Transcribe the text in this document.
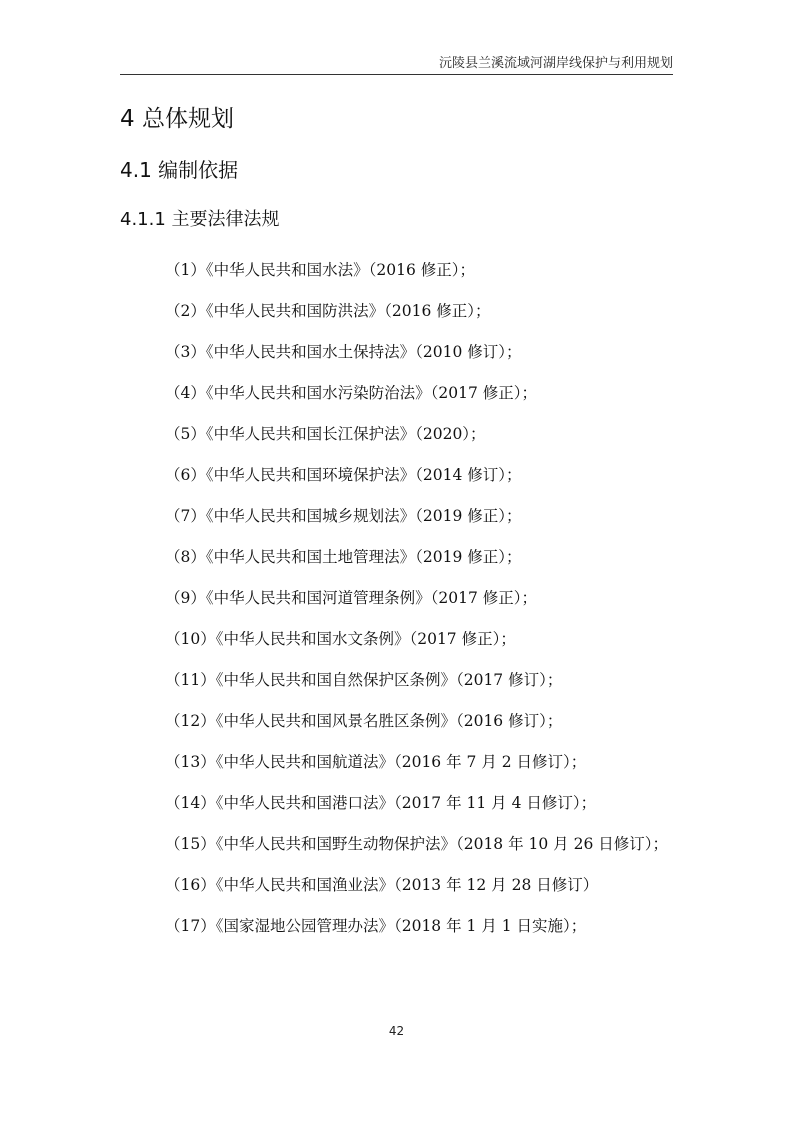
沅陵县兰溪流域河湖岸线保护与利用规划
4 总体规划
4.1 编制依据
4.1.1 主要法律法规
（1）《中华人民共和国水法》（2016 修正）；
（2）《中华人民共和国防洪法》（2016 修正）；
（3）《中华人民共和国水土保持法》（2010 修订）；
（4）《中华人民共和国水污染防治法》（2017 修正）；
（5）《中华人民共和国长江保护法》（2020）；
（6）《中华人民共和国环境保护法》（2014 修订）；
（7）《中华人民共和国城乡规划法》（2019 修正）；
（8）《中华人民共和国土地管理法》（2019 修正）；
（9）《中华人民共和国河道管理条例》（2017 修正）；
（10）《中华人民共和国水文条例》（2017 修正）；
（11）《中华人民共和国自然保护区条例》（2017 修订）；
（12）《中华人民共和国风景名胜区条例》（2016 修订）；
（13）《中华人民共和国航道法》（2016 年 7 月 2 日修订）；
（14）《中华人民共和国港口法》（2017 年 11 月 4 日修订）；
（15）《中华人民共和国野生动物保护法》（2018 年 10 月 26 日修订）；
（16）《中华人民共和国渔业法》（2013 年 12 月 28 日修订）
（17）《国家湿地公园管理办法》（2018 年 1 月 1 日实施）；
42
